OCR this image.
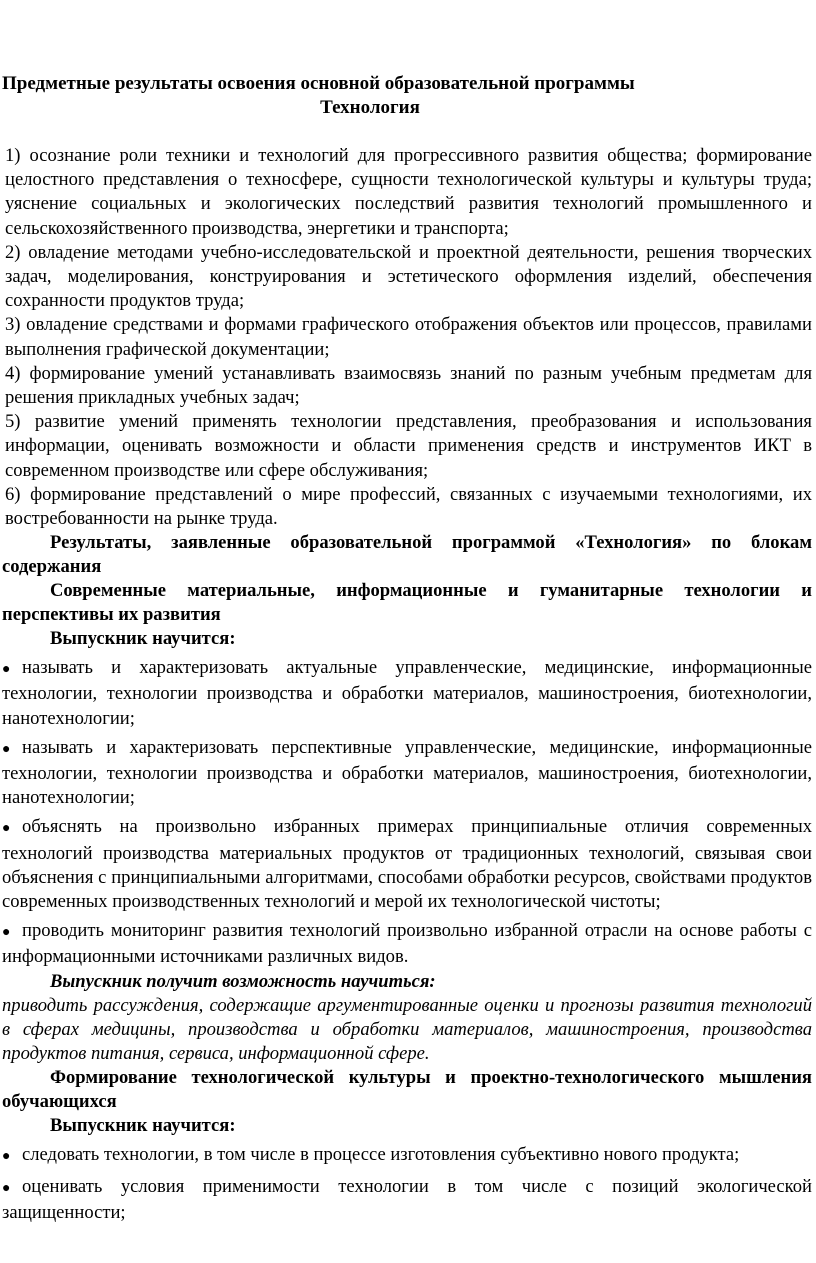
Предметные результаты освоения основной образовательной программы

Технология

1) осознание роли техники и технологий для прогрессивного развития общества; формирование целостного представления о техносфере, сущности технологической культуры и культуры труда; уяснение социальных и экологических последствий развития технологий промышленного и сельскохозяйственного производства, энергетики и транспорта;

2) овладение методами учебно-исследовательской и проектной деятельности, решения творческих задач, моделирования, конструирования и эстетического оформления изделий, обеспечения сохранности продуктов труда;

3) овладение средствами и формами графического отображения объектов или процессов, правилами выполнения графической документации;

4) формирование умений устанавливать взаимосвязь знаний по разным учебным предметам для решения прикладных учебных задач;

5) развитие умений применять технологии представления, преобразования и использования информации, оценивать возможности и области применения средств и инструментов ИКТ в современном производстве или сфере обслуживания;

6) формирование представлений о мире профессий, связанных с изучаемыми технологиями, их востребованности на рынке труда.

Результаты, заявленные образовательной программой «Технология» по блокам содержания

Современные материальные, информационные и гуманитарные технологии и перспективы их развития

Выпускник научится:

● называть и характеризовать актуальные управленческие, медицинские, информационные технологии, технологии производства и обработки материалов, машиностроения, биотехнологии, нанотехнологии;

● называть и характеризовать перспективные управленческие, медицинские, информационные технологии, технологии производства и обработки материалов, машиностроения, биотехнологии, нанотехнологии;

● объяснять на произвольно избранных примерах принципиальные отличия современных технологий производства материальных продуктов от традиционных технологий, связывая свои объяснения с принципиальными алгоритмами, способами обработки ресурсов, свойствами продуктов современных производственных технологий и мерой их технологической чистоты;

● проводить мониторинг развития технологий произвольно избранной отрасли на основе работы с информационными источниками различных видов.

Выпускник получит возможность научиться:

приводить рассуждения, содержащие аргументированные оценки и прогнозы развития технологий в сферах медицины, производства и обработки материалов, машиностроения, производства продуктов питания, сервиса, информационной сфере.

Формирование технологической культуры и проектно-технологического мышления обучающихся

Выпускник научится:

● следовать технологии, в том числе в процессе изготовления субъективно нового продукта;

● оценивать условия применимости технологии в том числе с позиций экологической защищенности;
